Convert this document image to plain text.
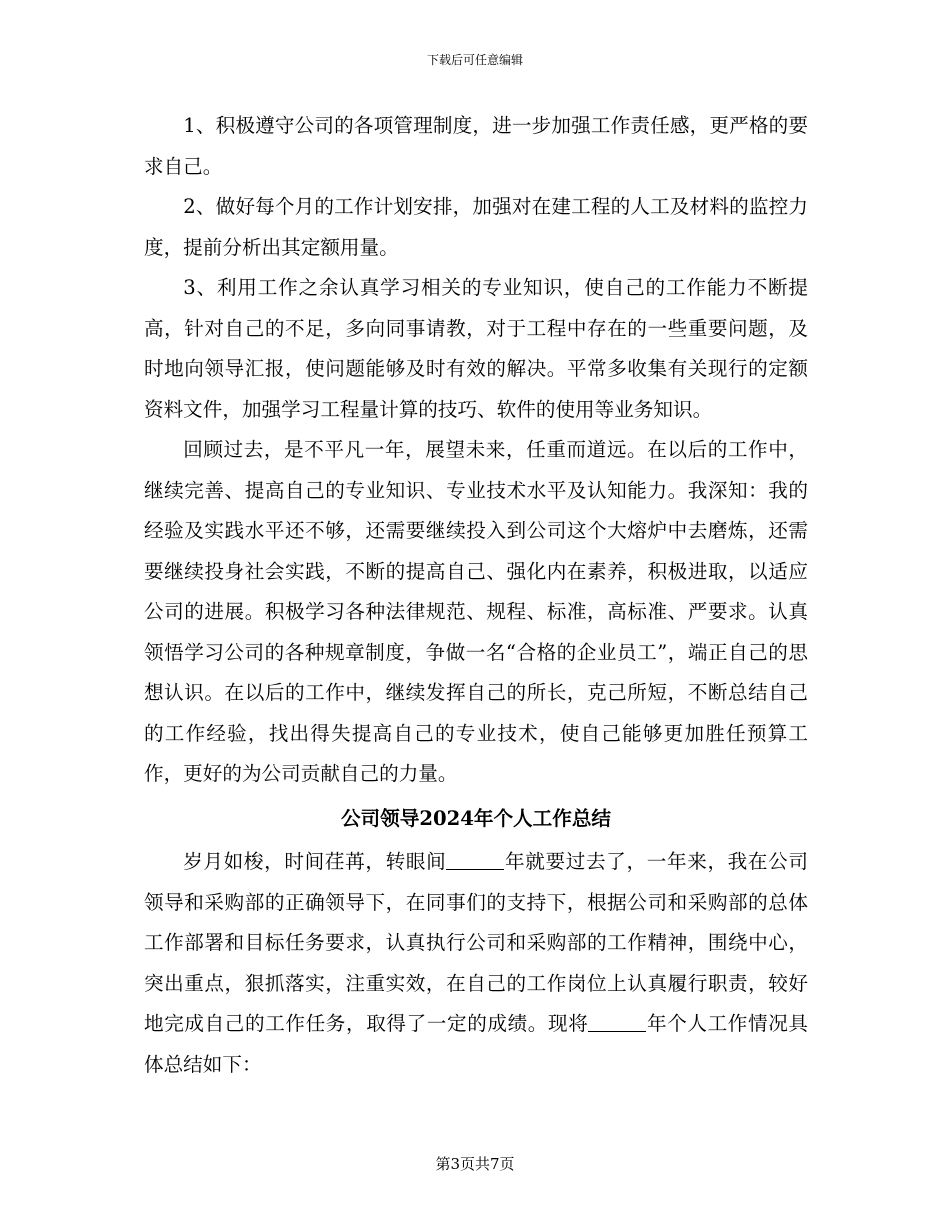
下载后可任意编辑

1、积极遵守公司的各项管理制度，进一步加强工作责任感，更严格的要求自己。

2、做好每个月的工作计划安排，加强对在建工程的人工及材料的监控力度，提前分析出其定额用量。

3、利用工作之余认真学习相关的专业知识，使自己的工作能力不断提高，针对自己的不足，多向同事请教，对于工程中存在的一些重要问题，及时地向领导汇报，使问题能够及时有效的解决。平常多收集有关现行的定额资料文件，加强学习工程量计算的技巧、软件的使用等业务知识。

回顾过去，是不平凡一年，展望未来，任重而道远。在以后的工作中，继续完善、提高自己的专业知识、专业技术水平及认知能力。我深知：我的经验及实践水平还不够，还需要继续投入到公司这个大熔炉中去磨炼，还需要继续投身社会实践，不断的提高自己、强化内在素养，积极进取，以适应公司的进展。积极学习各种法律规范、规程、标准，高标准、严要求。认真领悟学习公司的各种规章制度，争做一名“合格的企业员工”，端正自己的思想认识。在以后的工作中，继续发挥自己的所长，克己所短，不断总结自己的工作经验，找出得失提高自己的专业技术，使自己能够更加胜任预算工作，更好的为公司贡献自己的力量。

公司领导2024年个人工作总结

岁月如梭，时间荏苒，转眼间	年就要过去了，一年来，我在公司领导和采购部的正确领导下，在同事们的支持下，根据公司和采购部的总体工作部署和目标任务要求，认真执行公司和采购部的工作精神，围绕中心，突出重点，狠抓落实，注重实效，在自己的工作岗位上认真履行职责，较好地完成自己的工作任务，取得了一定的成绩。现将	年个人工作情况具体总结如下：

第3页共7页
